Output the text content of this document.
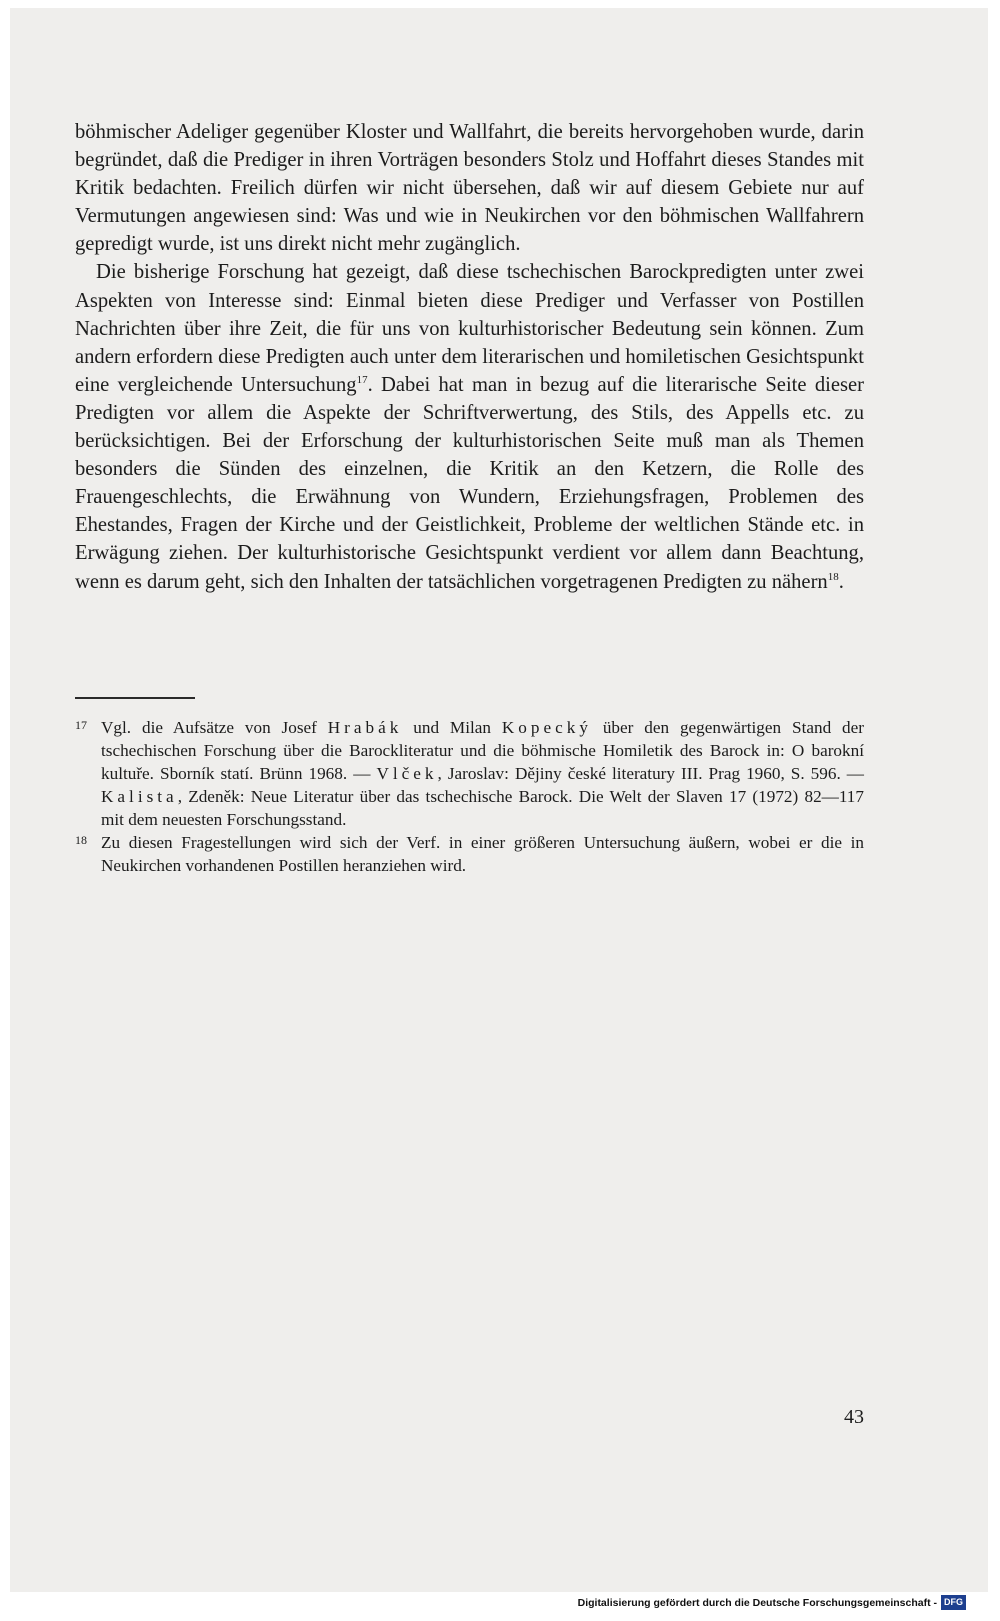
böhmischer Adeliger gegenüber Kloster und Wallfahrt, die bereits hervorgehoben wurde, darin begründet, daß die Prediger in ihren Vorträgen besonders Stolz und Hoffahrt dieses Standes mit Kritik bedachten. Freilich dürfen wir nicht übersehen, daß wir auf diesem Gebiete nur auf Vermutungen angewiesen sind: Was und wie in Neukirchen vor den böhmischen Wallfahrern gepredigt wurde, ist uns direkt nicht mehr zugänglich.

Die bisherige Forschung hat gezeigt, daß diese tschechischen Barockpredigten unter zwei Aspekten von Interesse sind: Einmal bieten diese Prediger und Verfasser von Postillen Nachrichten über ihre Zeit, die für uns von kulturhistorischer Bedeutung sein können. Zum andern erfordern diese Predigten auch unter dem literarischen und homiletischen Gesichtspunkt eine vergleichende Untersuchung$^{17}$. Dabei hat man in bezug auf die literarische Seite dieser Predigten vor allem die Aspekte der Schriftverwertung, des Stils, des Appells etc. zu berücksichtigen. Bei der Erforschung der kulturhistorischen Seite muß man als Themen besonders die Sünden des einzelnen, die Kritik an den Ketzern, die Rolle des Frauengeschlechts, die Erwähnung von Wundern, Erziehungsfragen, Problemen des Ehestandes, Fragen der Kirche und der Geistlichkeit, Probleme der weltlichen Stände etc. in Erwägung ziehen. Der kulturhistorische Gesichtspunkt verdient vor allem dann Beachtung, wenn es darum geht, sich den Inhalten der tatsächlichen vorgetragenen Predigten zu nähern$^{18}$.

17 Vgl. die Aufsätze von Josef Hrabák und Milan Kopecký über den gegenwärtigen Stand der tschechischen Forschung über die Barockliteratur und die böhmische Homiletik des Barock in: O barokní kultuře. Sborník statí. Brünn 1968. — Vlček, Jaroslav: Dějiny české literatury III. Prag 1960, S. 596. — Kalista, Zdeněk: Neue Literatur über das tschechische Barock. Die Welt der Slaven 17 (1972) 82—117 mit dem neuesten Forschungsstand.
18 Zu diesen Fragestellungen wird sich der Verf. in einer größeren Untersuchung äußern, wobei er die in Neukirchen vorhandenen Postillen heranziehen wird.
43
Digitalisierung gefördert durch die Deutsche Forschungsgemeinschaft - DFG
